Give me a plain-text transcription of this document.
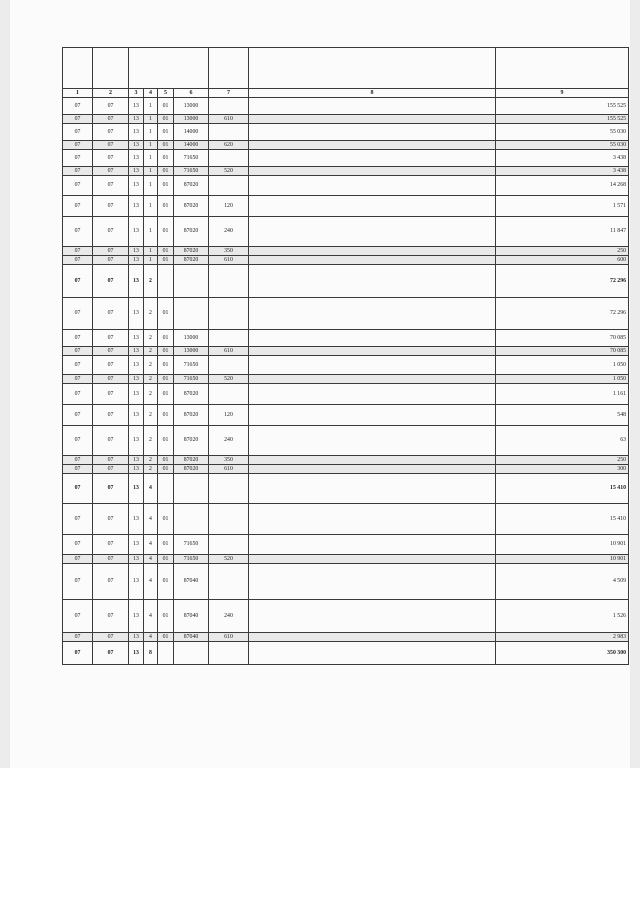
1	2	3	4	5	6	7	8	9
07	07	13	1	01	13000			155 525
07	07	13	1	01	13000	610		155 525
07	07	13	1	01	14000			55 030
07	07	13	1	01	14000	620		55 030
07	07	13	1	01	71650			3 438
07	07	13	1	01	71650	520		3 438
07	07	13	1	01	87020			14 268
07	07	13	1	01	87020	120		1 571
07	07	13	1	01	87020	240		11 847
07	07	13	1	01	87020	350		250
07	07	13	1	01	87020	610		600
07	07	13	2					72 296
07	07	13	2	01				72 296
07	07	13	2	01	13000			70 085
07	07	13	2	01	13000	610		70 085
07	07	13	2	01	71650			1 050
07	07	13	2	01	71650	520		1 050
07	07	13	2	01	87020			1 161
07	07	13	2	01	87020	120		548
07	07	13	2	01	87020	240		63
07	07	13	2	01	87020	350		250
07	07	13	2	01	87020	610		300
07	07	13	4					15 410
07	07	13	4	01				15 410
07	07	13	4	01	71650			10 901
07	07	13	4	01	71650	520		10 901
07	07	13	4	01	87040			4 509
07	07	13	4	01	87040	240		1 526
07	07	13	4	01	87040	610		2 983
07	07	13	8					350 300
